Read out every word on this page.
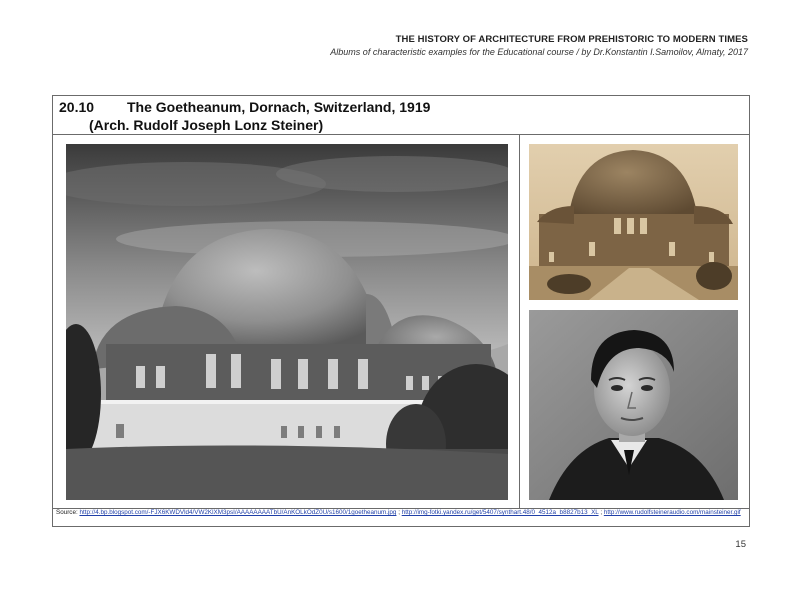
THE HISTORY OF ARCHITECTURE FROM PREHISTORIC TO MODERN TIMES
Albums of characteristic examples for the Educational course / by Dr.Konstantin I.Samoilov, Almaty, 2017
20.10 The Goetheanum, Dornach, Switzerland, 1919
(Arch. Rudolf Joseph Lonz Steiner)
Source: http://4.bp.blogspot.com/-FJX6KWDVld4/VW2KlXM3psI/AAAAAAAATbU/AnKOLkOdZ0U/s1600/1goetheanum.jpg ; http://img-fotki.yandex.ru/get/5407/synthart.48/0_4512a_b8827b13_XL ; http://www.rudolfsteineraudio.com/mainsteiner.gif
15
